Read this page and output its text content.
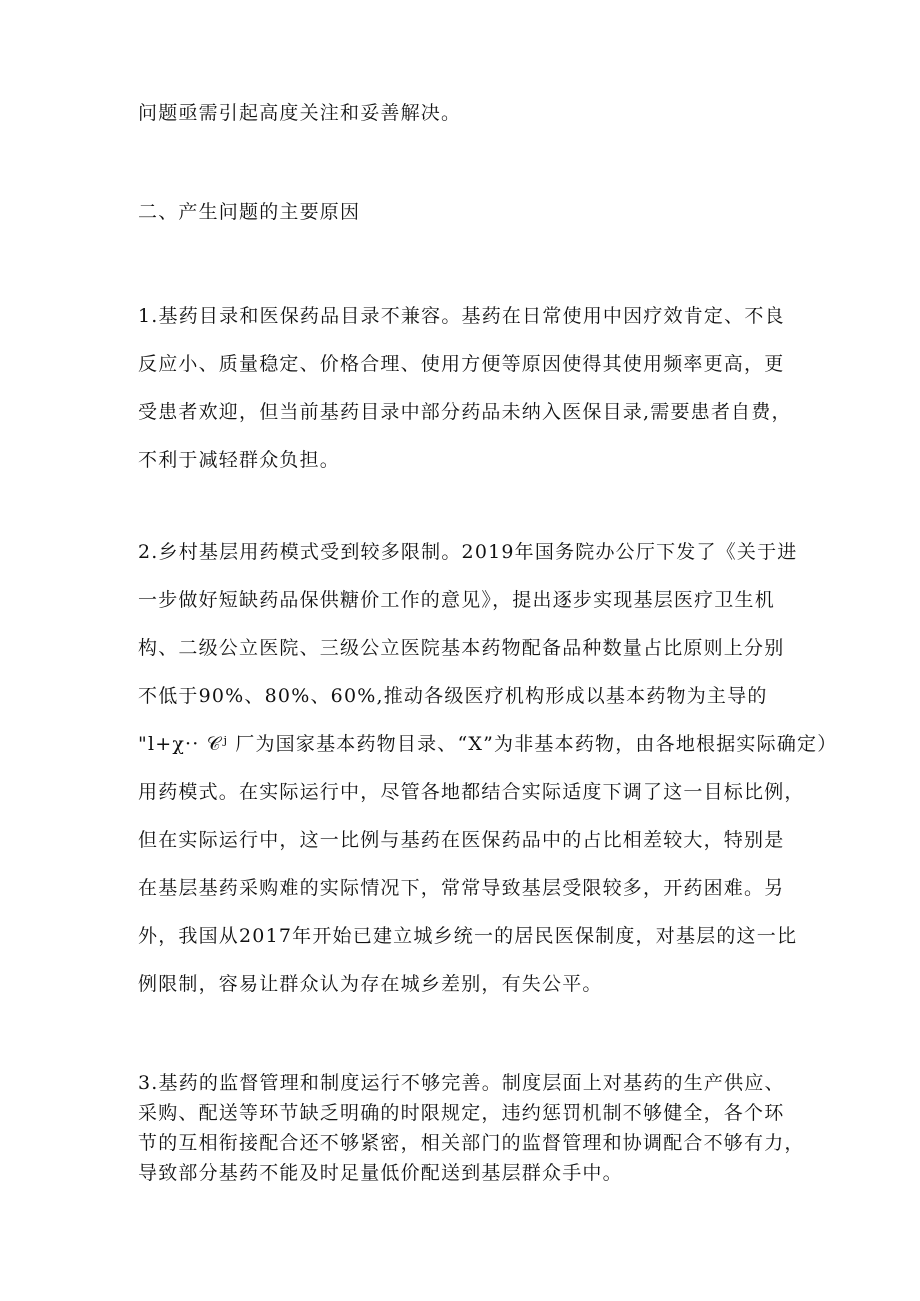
问题亟需引起高度关注和妥善解决。

二、产生问题的主要原因

1.基药目录和医保药品目录不兼容。基药在日常使用中因疗效肯定、不良
反应小、质量稳定、价格合理、使用方便等原因使得其使用频率更高，更
受患者欢迎，但当前基药目录中部分药品未纳入医保目录,需要患者自费，
不利于减轻群众负担。

2.乡村基层用药模式受到较多限制。2019年国务院办公厅下发了《关于进
一步做好短缺药品保供糖价工作的意见》，提出逐步实现基层医疗卫生机
构、二级公立医院、三级公立医院基本药物配备品种数量占比原则上分别
不低于90%、80%、60%,推动各级医疗机构形成以基本药物为主导的
"l+χ·· 𝒞ʲ 厂为国家基本药物目录、“X”为非基本药物，由各地根据实际确定）
用药模式。在实际运行中，尽管各地都结合实际适度下调了这一目标比例，
但在实际运行中，这一比例与基药在医保药品中的占比相差较大，特别是
在基层基药采购难的实际情况下，常常导致基层受限较多，开药困难。另
外，我国从2017年开始已建立城乡统一的居民医保制度，对基层的这一比
例限制，容易让群众认为存在城乡差别，有失公平。

3.基药的监督管理和制度运行不够完善。制度层面上对基药的生产供应、
采购、配送等环节缺乏明确的时限规定，违约惩罚机制不够健全，各个环
节的互相衔接配合还不够紧密，相关部门的监督管理和协调配合不够有力，
导致部分基药不能及时足量低价配送到基层群众手中。
